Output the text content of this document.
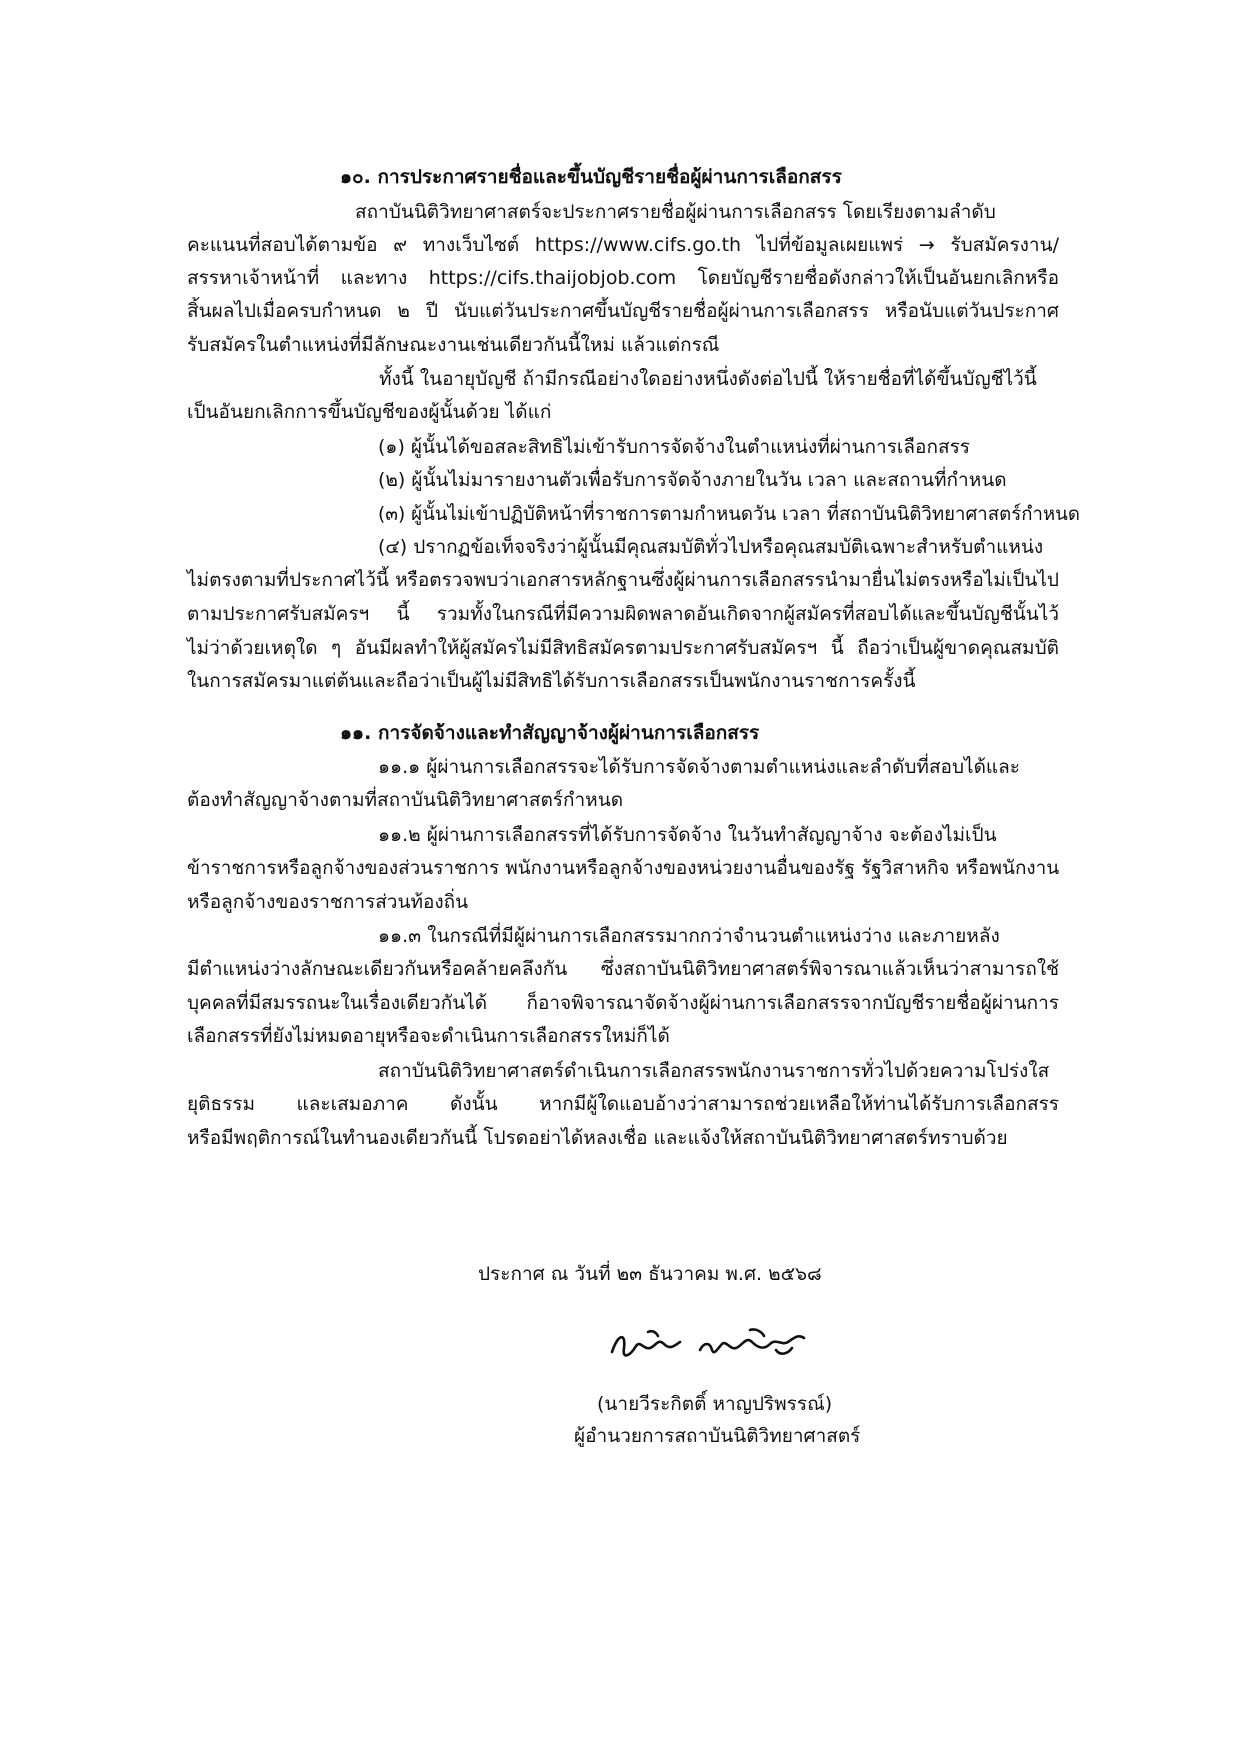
๑๐. การประกาศรายชื่อและขึ้นบัญชีรายชื่อผู้ผ่านการเลือกสรร
สถาบันนิติวิทยาศาสตร์จะประกาศรายชื่อผู้ผ่านการเลือกสรร โดยเรียงตามลำดับ
คะแนนที่สอบได้ตามข้อ ๙ ทางเว็บไซต์ https://www.cifs.go.th ไปที่ข้อมูลเผยแพร่ → รับสมัครงาน/
สรรหาเจ้าหน้าที่ และทาง https://cifs.thaijobjob.com โดยบัญชีรายชื่อดังกล่าวให้เป็นอันยกเลิกหรือ
สิ้นผลไปเมื่อครบกำหนด ๒ ปี นับแต่วันประกาศขึ้นบัญชีรายชื่อผู้ผ่านการเลือกสรร หรือนับแต่วันประกาศ
รับสมัครในตำแหน่งที่มีลักษณะงานเช่นเดียวกันนี้ใหม่ แล้วแต่กรณี
ทั้งนี้ ในอายุบัญชี ถ้ามีกรณีอย่างใดอย่างหนึ่งดังต่อไปนี้ ให้รายชื่อที่ได้ขึ้นบัญชีไว้นี้
เป็นอันยกเลิกการขึ้นบัญชีของผู้นั้นด้วย ได้แก่
(๑) ผู้นั้นได้ขอสละสิทธิไม่เข้ารับการจัดจ้างในตำแหน่งที่ผ่านการเลือกสรร
(๒) ผู้นั้นไม่มารายงานตัวเพื่อรับการจัดจ้างภายในวัน เวลา และสถานที่กำหนด
(๓) ผู้นั้นไม่เข้าปฏิบัติหน้าที่ราชการตามกำหนดวัน เวลา ที่สถาบันนิติวิทยาศาสตร์กำหนด
(๔) ปรากฏข้อเท็จจริงว่าผู้นั้นมีคุณสมบัติทั่วไปหรือคุณสมบัติเฉพาะสำหรับตำแหน่ง
ไม่ตรงตามที่ประกาศไว้นี้ หรือตรวจพบว่าเอกสารหลักฐานซึ่งผู้ผ่านการเลือกสรรนำมายื่นไม่ตรงหรือไม่เป็นไป
ตามประกาศรับสมัครฯ นี้ รวมทั้งในกรณีที่มีความผิดพลาดอันเกิดจากผู้สมัครที่สอบได้และขึ้นบัญชีนั้นไว้
ไม่ว่าด้วยเหตุใด ๆ อันมีผลทำให้ผู้สมัครไม่มีสิทธิสมัครตามประกาศรับสมัครฯ นี้ ถือว่าเป็นผู้ขาดคุณสมบัติ
ในการสมัครมาแต่ต้นและถือว่าเป็นผู้ไม่มีสิทธิได้รับการเลือกสรรเป็นพนักงานราชการครั้งนี้
๑๑. การจัดจ้างและทำสัญญาจ้างผู้ผ่านการเลือกสรร
๑๑.๑ ผู้ผ่านการเลือกสรรจะได้รับการจัดจ้างตามตำแหน่งและลำดับที่สอบได้และ
ต้องทำสัญญาจ้างตามที่สถาบันนิติวิทยาศาสตร์กำหนด
๑๑.๒ ผู้ผ่านการเลือกสรรที่ได้รับการจัดจ้าง ในวันทำสัญญาจ้าง จะต้องไม่เป็น
ข้าราชการหรือลูกจ้างของส่วนราชการ พนักงานหรือลูกจ้างของหน่วยงานอื่นของรัฐ รัฐวิสาหกิจ หรือพนักงาน
หรือลูกจ้างของราชการส่วนท้องถิ่น
๑๑.๓ ในกรณีที่มีผู้ผ่านการเลือกสรรมากกว่าจำนวนตำแหน่งว่าง และภายหลัง
มีตำแหน่งว่างลักษณะเดียวกันหรือคล้ายคลึงกัน ซึ่งสถาบันนิติวิทยาศาสตร์พิจารณาแล้วเห็นว่าสามารถใช้
บุคคลที่มีสมรรถนะในเรื่องเดียวกันได้ ก็อาจพิจารณาจัดจ้างผู้ผ่านการเลือกสรรจากบัญชีรายชื่อผู้ผ่านการ
เลือกสรรที่ยังไม่หมดอายุหรือจะดำเนินการเลือกสรรใหม่ก็ได้
สถาบันนิติวิทยาศาสตร์ดำเนินการเลือกสรรพนักงานราชการทั่วไปด้วยความโปร่งใส
ยุติธรรม และเสมอภาค ดังนั้น หากมีผู้ใดแอบอ้างว่าสามารถช่วยเหลือให้ท่านได้รับการเลือกสรร
หรือมีพฤติการณ์ในทำนองเดียวกันนี้ โปรดอย่าได้หลงเชื่อ และแจ้งให้สถาบันนิติวิทยาศาสตร์ทราบด้วย
ประกาศ ณ วันที่ ๒๓ ธันวาคม พ.ศ. ๒๕๖๘
(นายวีระกิตติ์ หาญปริพรรณ์)
ผู้อำนวยการสถาบันนิติวิทยาศาสตร์
